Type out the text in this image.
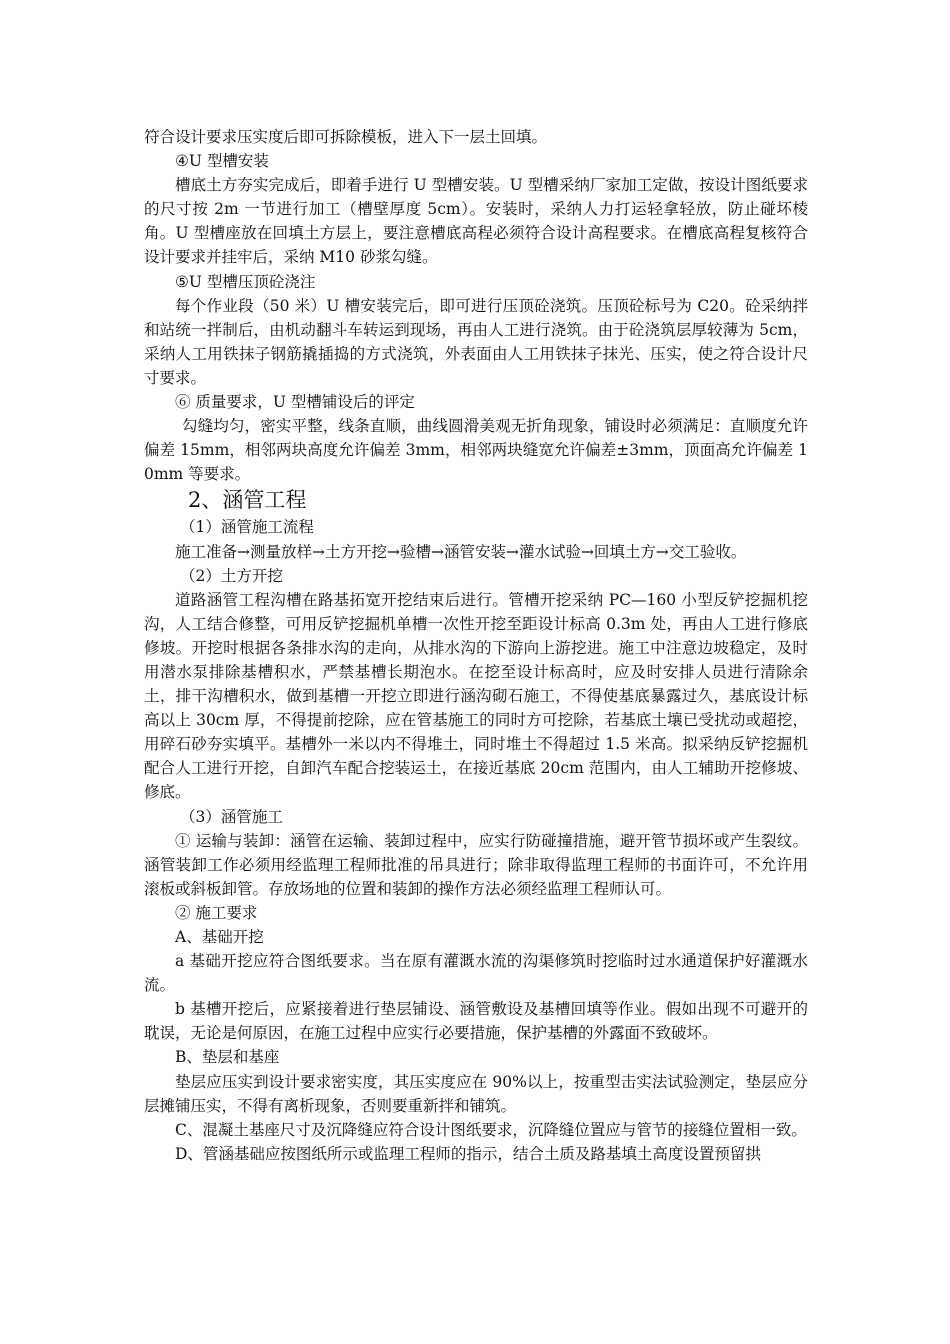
符合设计要求压实度后即可拆除模板，进入下一层土回填。

④U 型槽安装

槽底土方夯实完成后，即着手进行 U 型槽安装。U 型槽采纳厂家加工定做，按设计图纸要求的尺寸按 2m 一节进行加工（槽壁厚度 5cm）。安装时，采纳人力打运轻拿轻放，防止碰坏棱角。U 型槽座放在回填土方层上，要注意槽底高程必须符合设计高程要求。在槽底高程复核符合设计要求并挂牢后，采纳 M10 砂浆勾缝。

⑤U 型槽压顶砼浇注

每个作业段（50 米）U 槽安装完后，即可进行压顶砼浇筑。压顶砼标号为 C20。砼采纳拌和站统一拌制后，由机动翻斗车转运到现场，再由人工进行浇筑。由于砼浇筑层厚较薄为 5cm，采纳人工用铁抹子钢筋撬插捣的方式浇筑，外表面由人工用铁抹子抹光、压实，使之符合设计尺寸要求。

⑥ 质量要求，U 型槽铺设后的评定

勾缝均匀，密实平整，线条直顺，曲线圆滑美观无折角现象，铺设时必须满足：直顺度允许偏差 15mm，相邻两块高度允许偏差 3mm，相邻两块缝宽允许偏差±3mm，顶面高允许偏差 10mm 等要求。

2、涵管工程

（1）涵管施工流程

施工准备→测量放样→土方开挖→验槽→涵管安装→灌水试验→回填土方→交工验收。

（2）土方开挖

道路涵管工程沟槽在路基拓宽开挖结束后进行。管槽开挖采纳 PC—160 小型反铲挖掘机挖沟，人工结合修整，可用反铲挖掘机单槽一次性开挖至距设计标高 0.3m 处，再由人工进行修底修坡。开挖时根据各条排水沟的走向，从排水沟的下游向上游挖进。施工中注意边坡稳定，及时用潜水泵排除基槽积水，严禁基槽长期泡水。在挖至设计标高时，应及时安排人员进行清除余土，排干沟槽积水，做到基槽一开挖立即进行涵沟砌石施工，不得使基底暴露过久，基底设计标高以上 30cm 厚，不得提前挖除，应在管基施工的同时方可挖除，若基底土壤已受扰动或超挖，用碎石砂夯实填平。基槽外一米以内不得堆土，同时堆土不得超过 1.5 米高。拟采纳反铲挖掘机配合人工进行开挖，自卸汽车配合挖装运土，在接近基底 20cm 范围内，由人工辅助开挖修坡、修底。

（3）涵管施工

① 运输与装卸：涵管在运输、装卸过程中，应实行防碰撞措施，避开管节损坏或产生裂纹。涵管装卸工作必须用经监理工程师批准的吊具进行；除非取得监理工程师的书面许可，不允许用滚板或斜板卸管。存放场地的位置和装卸的操作方法必须经监理工程师认可。

② 施工要求

A、基础开挖

a 基础开挖应符合图纸要求。当在原有灌溉水流的沟渠修筑时挖临时过水通道保护好灌溉水流。

b 基槽开挖后，应紧接着进行垫层铺设、涵管敷设及基槽回填等作业。假如出现不可避开的耽误，无论是何原因，在施工过程中应实行必要措施，保护基槽的外露面不致破坏。

B、垫层和基座

垫层应压实到设计要求密实度，其压实度应在 90%以上，按重型击实法试验测定，垫层应分层摊铺压实，不得有离析现象，否则要重新拌和铺筑。

C、混凝土基座尺寸及沉降缝应符合设计图纸要求，沉降缝位置应与管节的接缝位置相一致。

D、管涵基础应按图纸所示或监理工程师的指示，结合土质及路基填土高度设置预留拱
